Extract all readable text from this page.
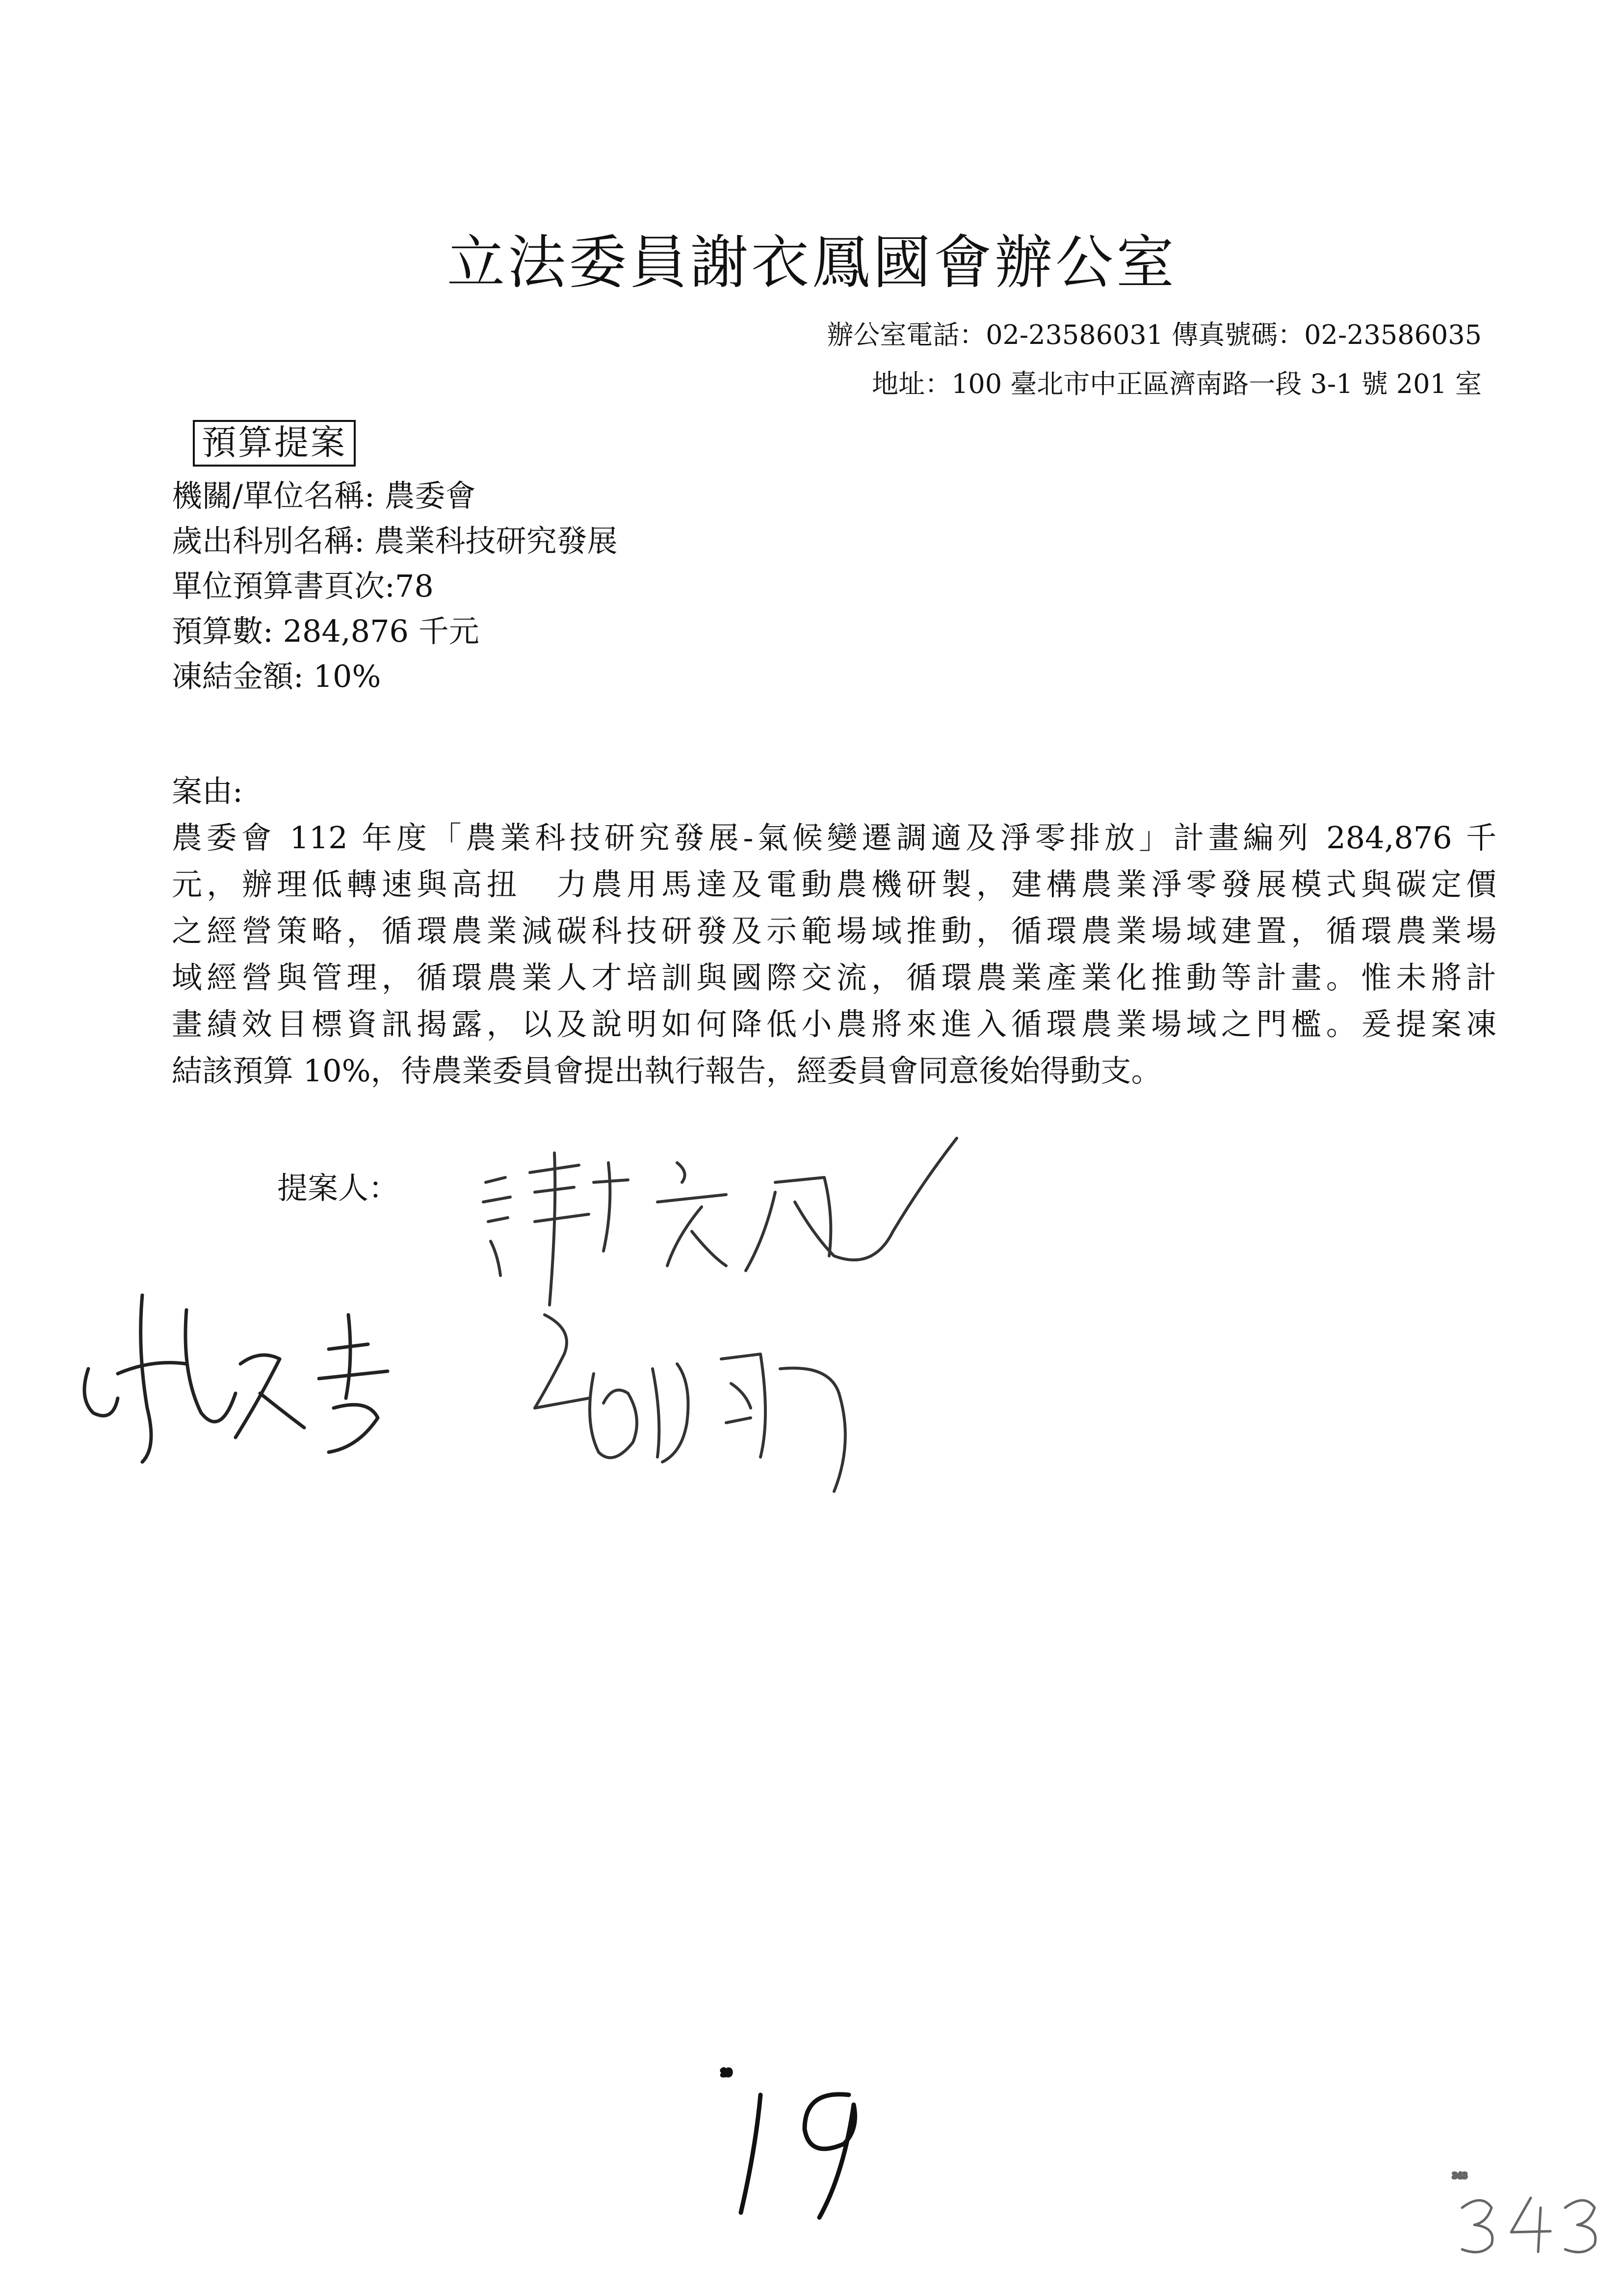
立法委員謝衣鳳國會辦公室
辦公室電話：02-23586031 傳真號碼：02-23586035
地址：100 臺北市中正區濟南路一段 3-1 號 201 室
預算提案
機關/單位名稱: 農委會
歲出科別名稱: 農業科技研究發展
單位預算書頁次:78
預算數: 284,876 千元
凍結金額: 10%
案由:
農委會 112 年度「農業科技研究發展-氣候變遷調適及淨零排放」計畫編列 284,876 千
元，辦理低轉速與高扭　力農用馬達及電動農機研製，建構農業淨零發展模式與碳定價
之經營策略，循環農業減碳科技研發及示範場域推動，循環農業場域建置，循環農業場
域經營與管理，循環農業人才培訓與國際交流，循環農業產業化推動等計畫。惟未將計
畫績效目標資訊揭露，以及說明如何降低小農將來進入循環農業場域之門檻。爰提案凍
結該預算 10%，待農業委員會提出執行報告，經委員會同意後始得動支。
提案人：
19
343
